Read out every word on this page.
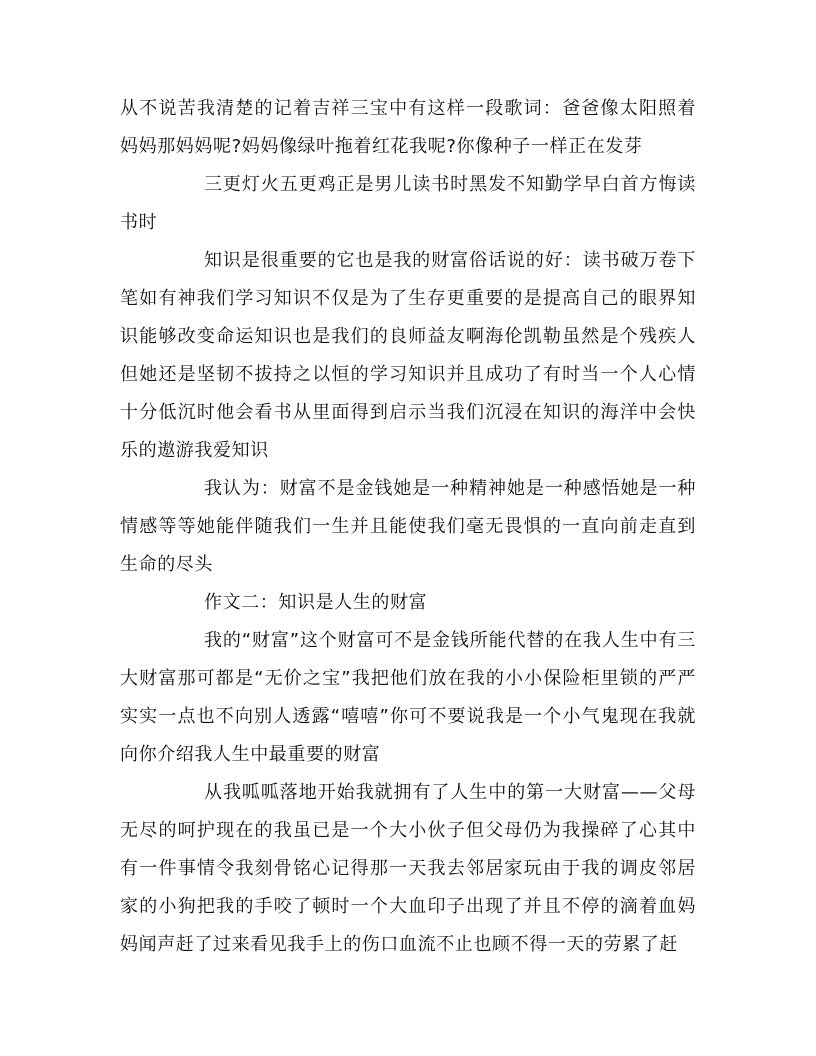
从不说苦我清楚的记着吉祥三宝中有这样一段歌词：爸爸像太阳照着妈妈那妈妈呢?妈妈像绿叶拖着红花我呢?你像种子一样正在发芽

三更灯火五更鸡正是男儿读书时黑发不知勤学早白首方悔读书时

知识是很重要的它也是我的财富俗话说的好：读书破万卷下笔如有神我们学习知识不仅是为了生存更重要的是提高自己的眼界知识能够改变命运知识也是我们的良师益友啊海伦凯勒虽然是个残疾人但她还是坚韧不拔持之以恒的学习知识并且成功了有时当一个人心情十分低沉时他会看书从里面得到启示当我们沉浸在知识的海洋中会快乐的遨游我爱知识

我认为：财富不是金钱她是一种精神她是一种感悟她是一种情感等等她能伴随我们一生并且能使我们毫无畏惧的一直向前走直到生命的尽头

作文二：知识是人生的财富

我的“财富”这个财富可不是金钱所能代替的在我人生中有三大财富那可都是“无价之宝”我把他们放在我的小小保险柜里锁的严严实实一点也不向别人透露“嘻嘻”你可不要说我是一个小气鬼现在我就向你介绍我人生中最重要的财富

从我呱呱落地开始我就拥有了人生中的第一大财富——父母无尽的呵护现在的我虽已是一个大小伙子但父母仍为我操碎了心其中有一件事情令我刻骨铭心记得那一天我去邻居家玩由于我的调皮邻居家的小狗把我的手咬了顿时一个大血印子出现了并且不停的滴着血妈妈闻声赶了过来看见我手上的伤口血流不止也顾不得一天的劳累了赶
